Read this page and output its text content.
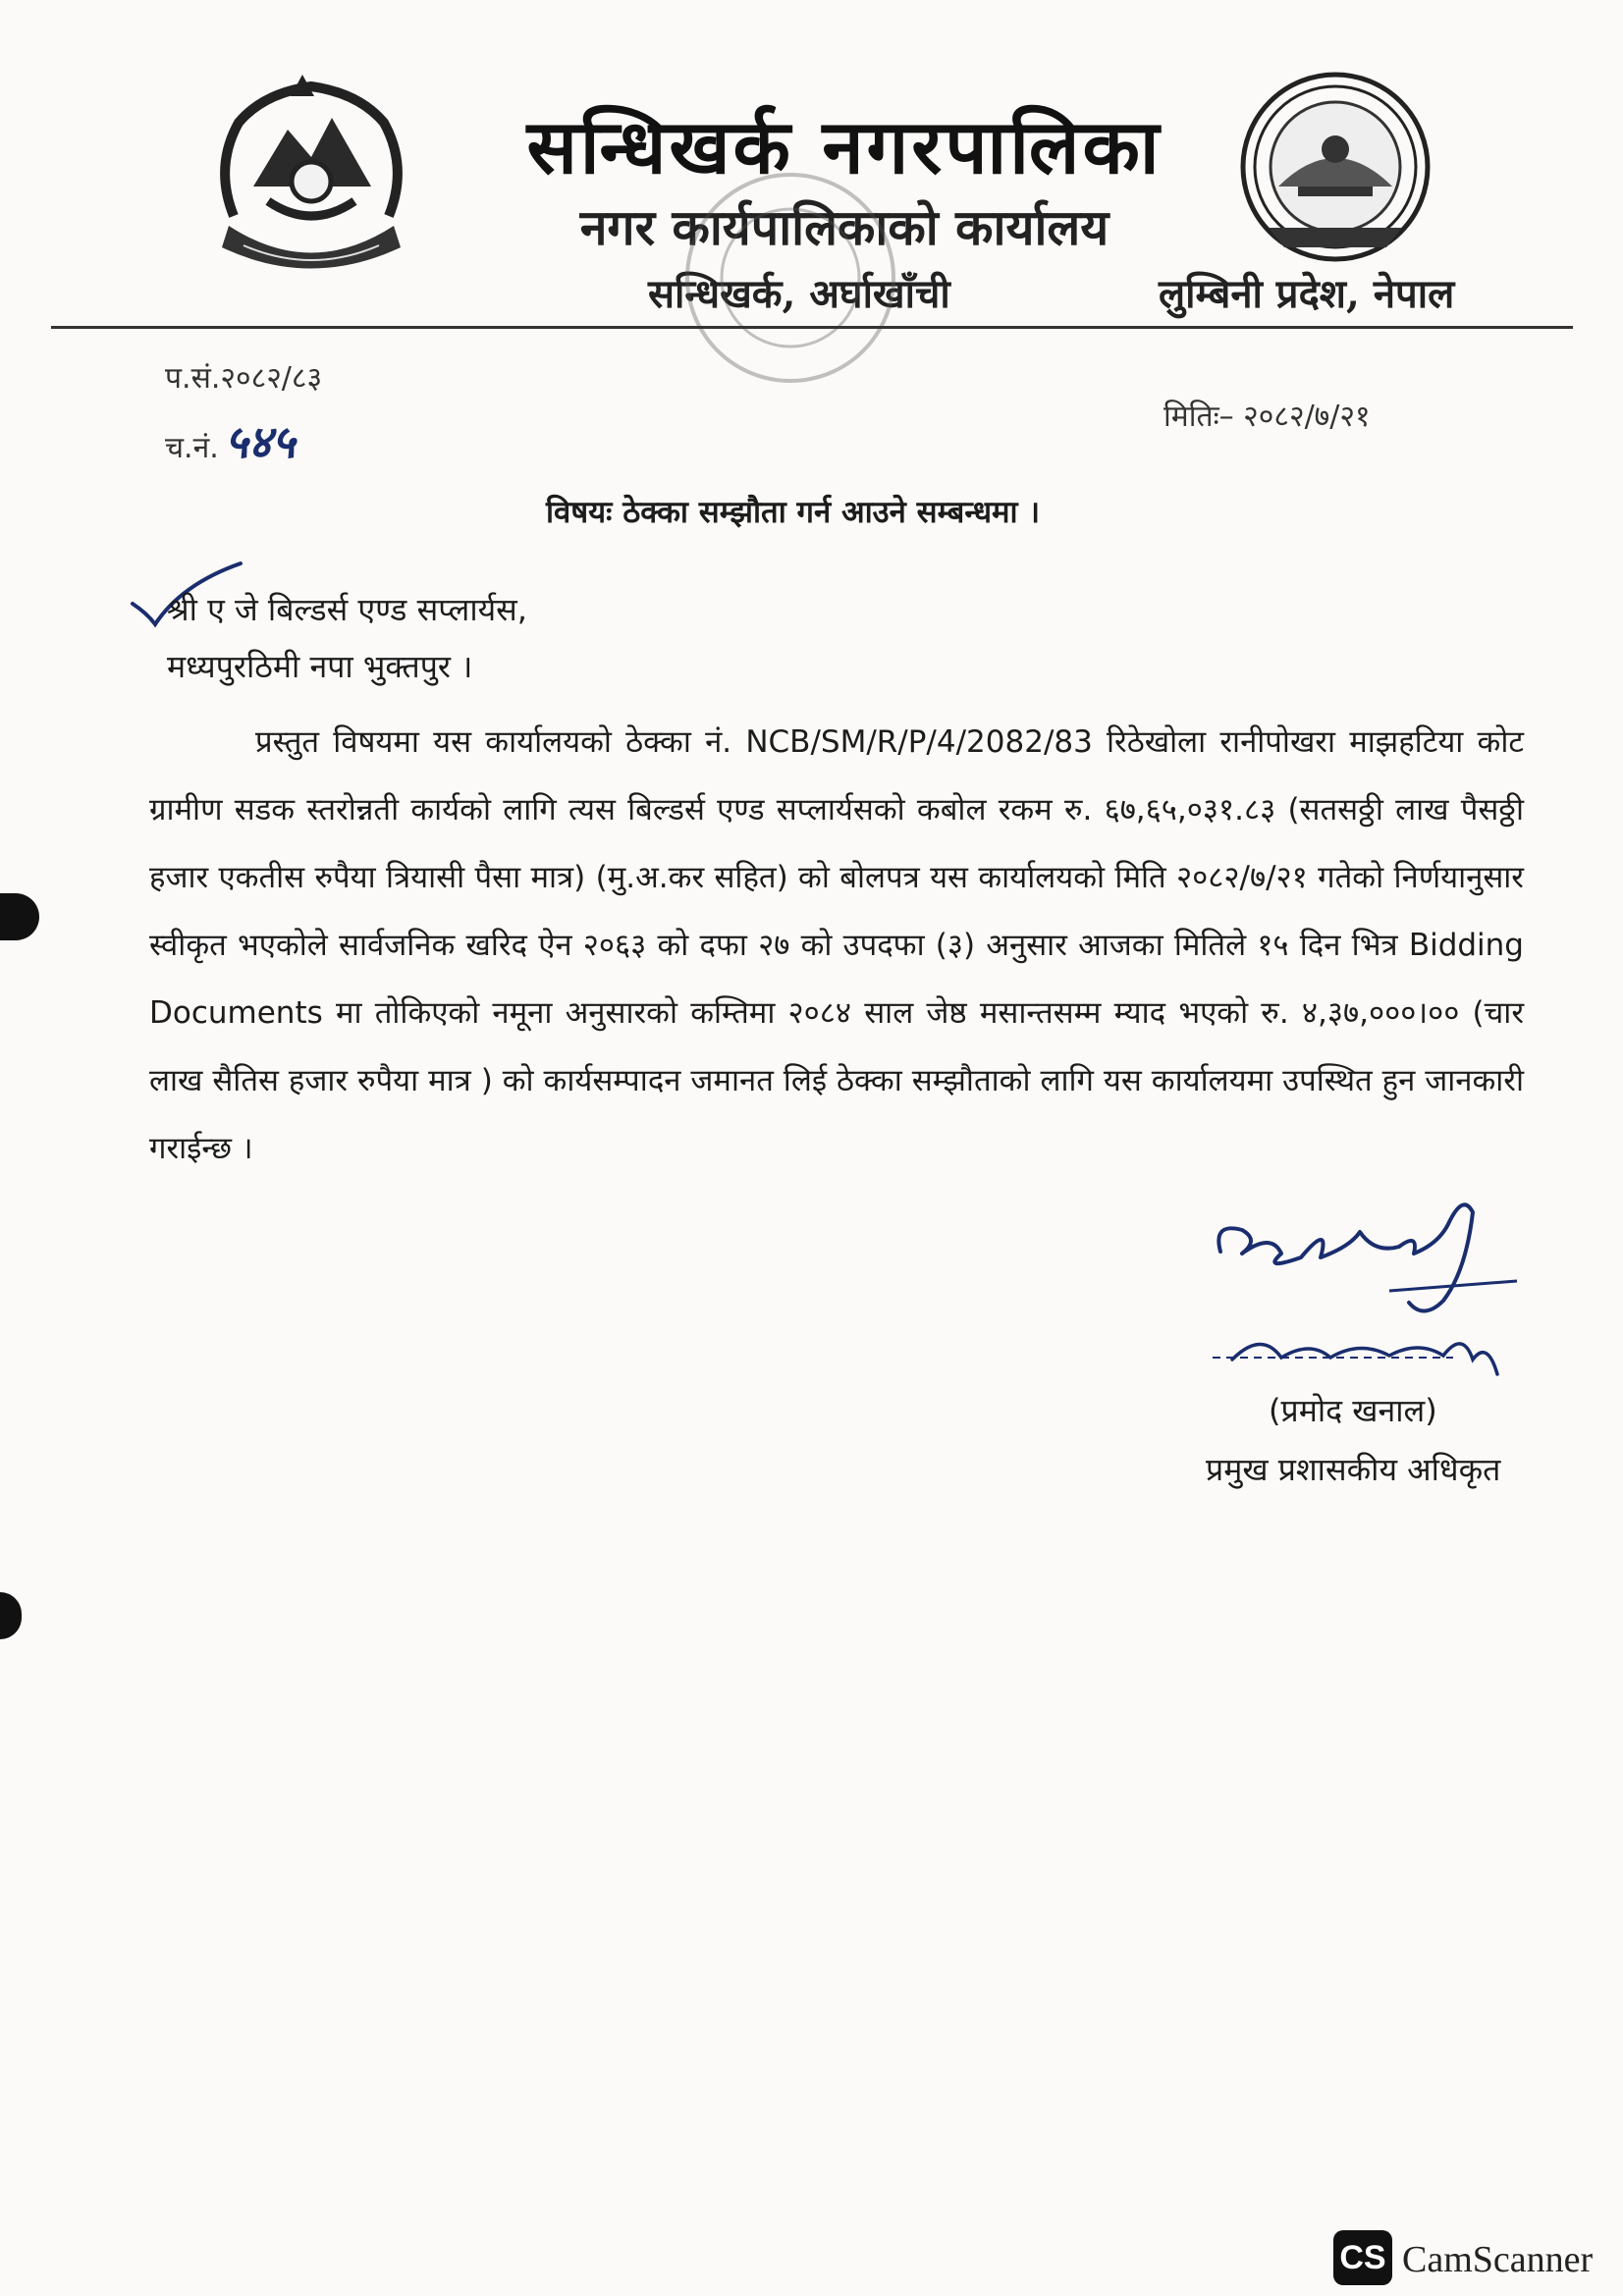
सन्धिखर्क नगरपालिका
नगर कार्यपालिकाको कार्यालय
सन्धिखर्क, अर्घाखाँची	लुम्बिनी प्रदेश, नेपाल
प.सं.२०८२/८३
च.नं. ५४५	मितिः– २०८२/७/२१
विषयः ठेक्का सम्झौता गर्न आउने सम्बन्धमा ।
श्री ए जे बिल्डर्स एण्ड सप्लार्यस,
मध्यपुरठिमी नपा भुक्तपुर ।
प्रस्तुत विषयमा यस कार्यालयको ठेक्का नं. NCB/SM/R/P/4/2082/83 रिठेखोला रानीपोखरा माझहटिया कोट ग्रामीण सडक स्तरोन्नती कार्यको लागि त्यस बिल्डर्स एण्ड सप्लार्यसको कबोल रकम रु. ६७,६५,०३१.८३ (सतसठ्ठी लाख पैसठ्ठी हजार एकतीस रुपैया त्रियासी पैसा मात्र) (मु.अ.कर सहित) को बोलपत्र यस कार्यालयको मिति २०८२/७/२१ गतेको निर्णयानुसार स्वीकृत भएकोले सार्वजनिक खरिद ऐन २०६३ को दफा २७ को उपदफा (३) अनुसार आजका मितिले १५ दिन भित्र Bidding Documents मा तोकिएको नमूना अनुसारको कम्तिमा २०८४ साल जेष्ठ मसान्तसम्म म्याद भएको रु. ४,३७,०००।०० (चार लाख सैतिस हजार रुपैया मात्र ) को कार्यसम्पादन जमानत लिई ठेक्का सम्झौताको लागि यस कार्यालयमा उपस्थित हुन जानकारी गराईन्छ ।
(प्रमोद खनाल)
प्रमुख प्रशासकीय अधिकृत
CS CamScanner
